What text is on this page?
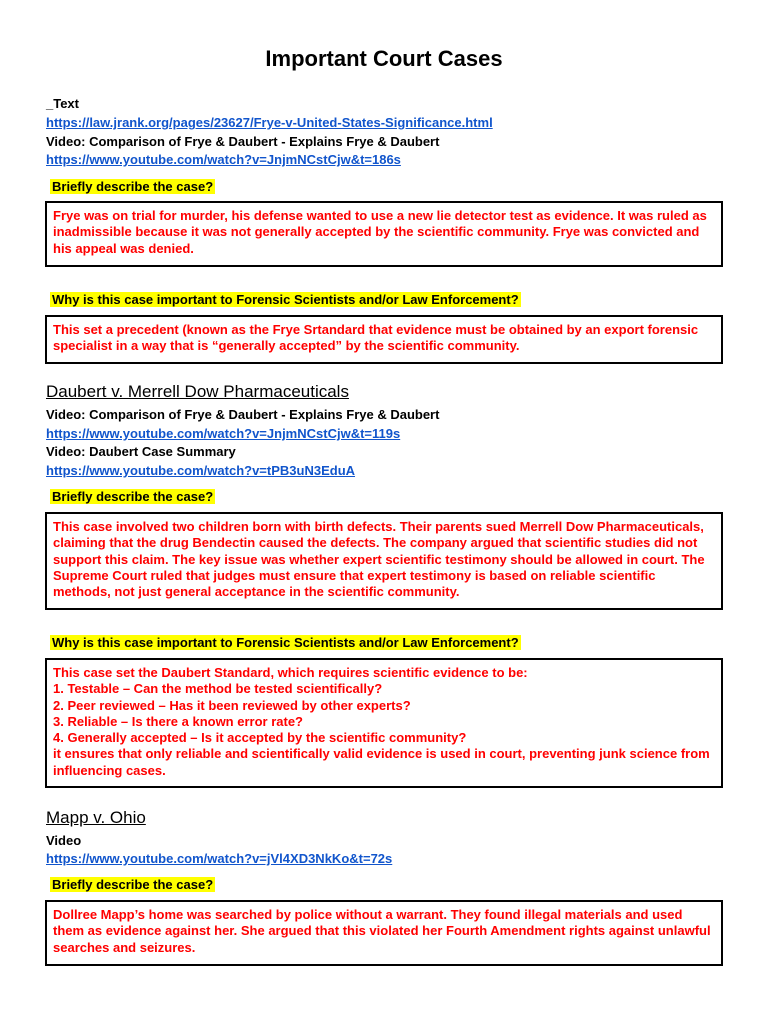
Important Court Cases
_Text
https://law.jrank.org/pages/23627/Frye-v-United-States-Significance.html
Video: Comparison of Frye & Daubert - Explains Frye & Daubert
https://www.youtube.com/watch?v=JnjmNCstCjw&t=186s
Briefly describe the case?
Frye was on trial for murder, his defense wanted to use a new lie detector test as evidence. It was ruled as inadmissible because it was not generally accepted by the scientific community. Frye was convicted and his appeal was denied.
Why is this case important to Forensic Scientists and/or Law Enforcement?
This set a precedent (known as the Frye Srtandard that evidence must be obtained by an export forensic specialist in a way that is “generally accepted” by the scientific community.
Daubert v. Merrell Dow Pharmaceuticals
Video: Comparison of Frye & Daubert - Explains Frye & Daubert
https://www.youtube.com/watch?v=JnjmNCstCjw&t=119s
Video: Daubert Case Summary
https://www.youtube.com/watch?v=tPB3uN3EduA
Briefly describe the case?
This case involved two children born with birth defects. Their parents sued Merrell Dow Pharmaceuticals, claiming that the drug Bendectin caused the defects. The company argued that scientific studies did not support this claim. The key issue was whether expert scientific testimony should be allowed in court. The Supreme Court ruled that judges must ensure that expert testimony is based on reliable scientific methods, not just general acceptance in the scientific community.
Why is this case important to Forensic Scientists and/or Law Enforcement?
This case set the Daubert Standard, which requires scientific evidence to be:
1. Testable – Can the method be tested scientifically?
2. Peer reviewed – Has it been reviewed by other experts?
3. Reliable – Is there a known error rate?
4. Generally accepted – Is it accepted by the scientific community?
it ensures that only reliable and scientifically valid evidence is used in court, preventing junk science from influencing cases.
Mapp v. Ohio
Video
https://www.youtube.com/watch?v=jVl4XD3NkKo&t=72s
Briefly describe the case?
Dollree Mapp’s home was searched by police without a warrant. They found illegal materials and used them as evidence against her. She argued that this violated her Fourth Amendment rights against unlawful searches and seizures.
